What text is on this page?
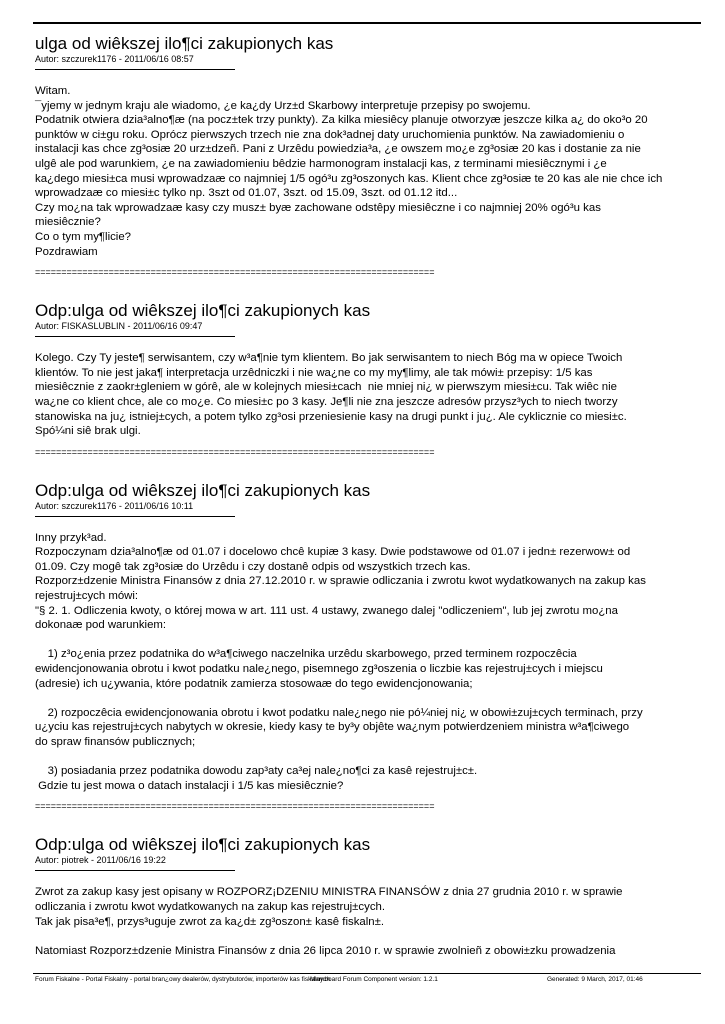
ulga od wiêkszej ilo¶ci zakupionych kas
Autor: szczurek1176 - 2011/06/16 08:57
Witam.
¯yjemy w jednym kraju ale wiadomo, ¿e ka¿dy Urz±d Skarbowy interpretuje przepisy po swojemu.
Podatnik otwiera dzia³alno¶æ (na pocz±tek trzy punkty). Za kilka miesiêcy planuje otworzyæ jeszcze kilka a¿ do oko³o 20
punktów w ci±gu roku. Oprócz pierwszych trzech nie zna dok³adnej daty uruchomienia punktów. Na zawiadomieniu o
instalacji kas chce zg³osiæ 20 urz±dzeñ. Pani z Urzêdu powiedzia³a, ¿e owszem mo¿e zg³osiæ 20 kas i dostanie za nie
ulgê ale pod warunkiem, ¿e na zawiadomieniu bêdzie harmonogram instalacji kas, z terminami miesiêcznymi i ¿e
ka¿dego miesi±ca musi wprowadzaæ co najmniej 1/5 ogó³u zg³oszonych kas. Klient chce zg³osiæ te 20 kas ale nie chce ich
wprowadzaæ co miesi±c tylko np. 3szt od 01.07, 3szt. od 15.09, 3szt. od 01.12 itd...
Czy mo¿na tak wprowadzaæ kasy czy musz± byæ zachowane odstêpy miesiêczne i co najmniej 20% ogó³u kas
miesiêcznie?
Co o tym my¶licie?
Pozdrawiam
============================================================================
Odp:ulga od wiêkszej ilo¶ci zakupionych kas
Autor: FISKASLUBLIN - 2011/06/16 09:47
Kolego. Czy Ty jeste¶ serwisantem, czy w³a¶nie tym klientem. Bo jak serwisantem to niech Bóg ma w opiece Twoich
klientów. To nie jest jaka¶ interpretacja urzêdniczki i nie wa¿ne co my my¶limy, ale tak mówi± przepisy: 1/5 kas
miesiêcznie z zaokr±gleniem w górê, ale w kolejnych miesi±cach  nie mniej ni¿ w pierwszym miesi±cu. Tak wiêc nie
wa¿ne co klient chce, ale co mo¿e. Co miesi±c po 3 kasy. Je¶li nie zna jeszcze adresów przysz³ych to niech tworzy
stanowiska na ju¿ istniej±cych, a potem tylko zg³osi przeniesienie kasy na drugi punkt i ju¿. Ale cyklicznie co miesi±c.
Spó¼ni siê brak ulgi.
============================================================================
Odp:ulga od wiêkszej ilo¶ci zakupionych kas
Autor: szczurek1176 - 2011/06/16 10:11
Inny przyk³ad.
Rozpoczynam dzia³alno¶æ od 01.07 i docelowo chcê kupiæ 3 kasy. Dwie podstawowe od 01.07 i jedn± rezerwow± od
01.09. Czy mogê tak zg³osiæ do Urzêdu i czy dostanê odpis od wszystkich trzech kas.
Rozporz±dzenie Ministra Finansów z dnia 27.12.2010 r. w sprawie odliczania i zwrotu kwot wydatkowanych na zakup kas
rejestruj±cych mówi:
"§ 2. 1. Odliczenia kwoty, o której mowa w art. 111 ust. 4 ustawy, zwanego dalej "odliczeniem", lub jej zwrotu mo¿na
dokonaæ pod warunkiem:

1) z³o¿enia przez podatnika do w³a¶ciwego naczelnika urzêdu skarbowego, przed terminem rozpoczêcia
ewidencjonowania obrotu i kwot podatku nale¿nego, pisemnego zg³oszenia o liczbie kas rejestruj±cych i miejscu
(adresie) ich u¿ywania, które podatnik zamierza stosowaæ do tego ewidencjonowania;

2) rozpoczêcia ewidencjonowania obrotu i kwot podatku nale¿nego nie pó¼niej ni¿ w obowi±zuj±cych terminach, przy
u¿yciu kas rejestruj±cych nabytych w okresie, kiedy kasy te by³y objête wa¿nym potwierdzeniem ministra w³a¶ciwego
do spraw finansów publicznych;

3) posiadania przez podatnika dowodu zap³aty ca³ej nale¿no¶ci za kasê rejestruj±c±.
Gdzie tu jest mowa o datach instalacji i 1/5 kas miesiêcznie?
============================================================================
Odp:ulga od wiêkszej ilo¶ci zakupionych kas
Autor: piotrek - 2011/06/16 19:22
Zwrot za zakup kasy jest opisany w ROZPORZ¡DZENIU MINISTRA FINANSÓW z dnia 27 grudnia 2010 r. w sprawie
odliczania i zwrotu kwot wydatkowanych na zakup kas rejestruj±cych.
Tak jak pisa³e¶, przys³uguje zwrot za ka¿d± zg³oszon± kasê fiskaln±.

Natomiast Rozporz±dzenie Ministra Finansów z dnia 26 lipca 2010 r. w sprawie zwolnieñ z obowi±zku prowadzenia
Forum Fiskalne - Portal Fiskalny - portal bran¿owy dealerów, dystrybutorów, importerów kas fiskalnych
Mamboard Forum Component version: 1.2.1	Generated: 9 March, 2017, 01:46
